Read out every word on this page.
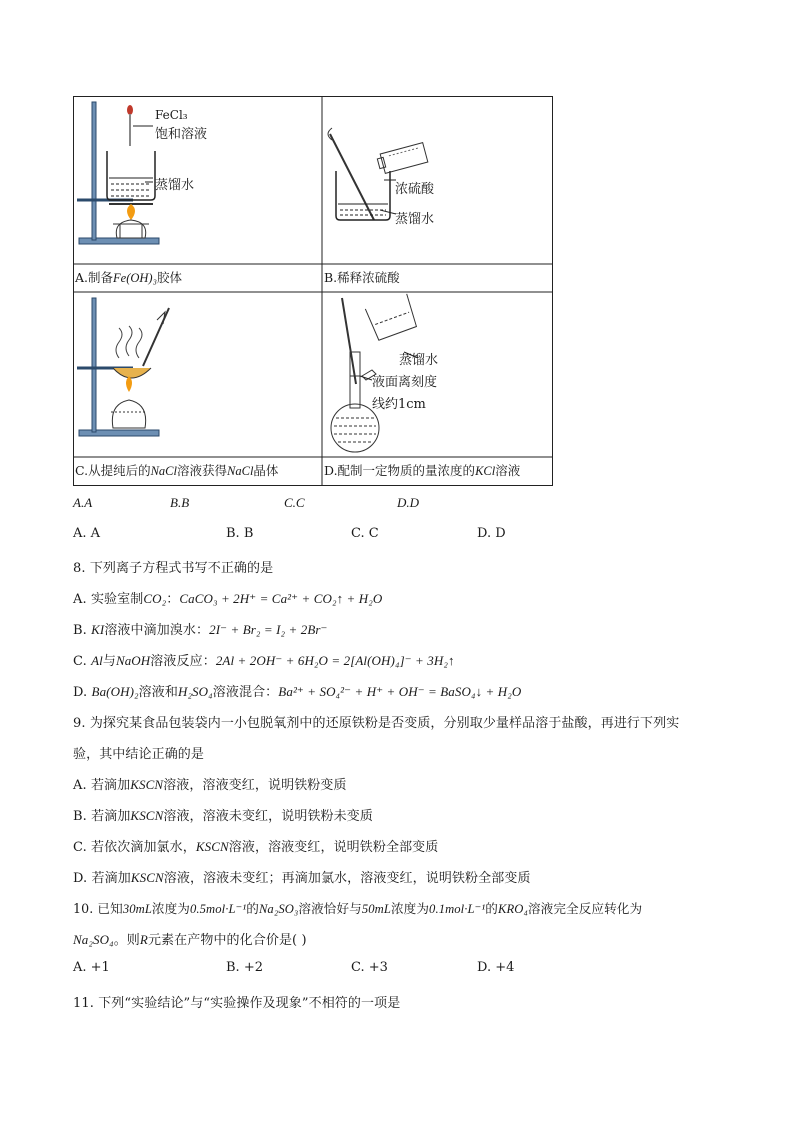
FeCl₃
饱和溶液
蒸馏水	浓硫酸
蒸馏水
蒸馏水
液面离刻度
线约1cm
A.制备Fe(OH)₃胶体	B.稀释浓硫酸
C.从提纯后的NaCl溶液获得NaCl晶体	D.配制一定物质的量浓度的KCl溶液
A.A	B.B	C.C	D.D
A. A	B. B	C. C	D. D
8. 下列离子方程式书写不正确的是
A. 实验室制CO₂：CaCO₃ + 2H⁺ = Ca²⁺ + CO₂↑ + H₂O
B. KI溶液中滴加溴水：2I⁻ + Br₂ = I₂ + 2Br⁻
C. Al与NaOH溶液反应：2Al + 2OH⁻ + 6H₂O = 2[Al(OH)₄]⁻ + 3H₂↑
D. Ba(OH)₂溶液和H₂SO₄溶液混合：Ba²⁺ + SO₄²⁻ + H⁺ + OH⁻ = BaSO₄↓ + H₂O
9. 为探究某食品包装袋内一小包脱氧剂中的还原铁粉是否变质，分别取少量样品溶于盐酸，再进行下列实
验，其中结论正确的是
A. 若滴加KSCN溶液，溶液变红，说明铁粉变质
B. 若滴加KSCN溶液，溶液未变红，说明铁粉未变质
C. 若依次滴加氯水，KSCN溶液，溶液变红，说明铁粉全部变质
D. 若滴加KSCN溶液，溶液未变红；再滴加氯水，溶液变红，说明铁粉全部变质
10. 已知30mL浓度为0.5mol·L⁻¹的Na₂SO₃溶液恰好与50mL浓度为0.1mol·L⁻¹的KRO₄溶液完全反应转化为
Na₂SO₄。则R元素在产物中的化合价是( )
A. +1	B. +2	C. +3	D. +4
11. 下列“实验结论”与“实验操作及现象”不相符的一项是
